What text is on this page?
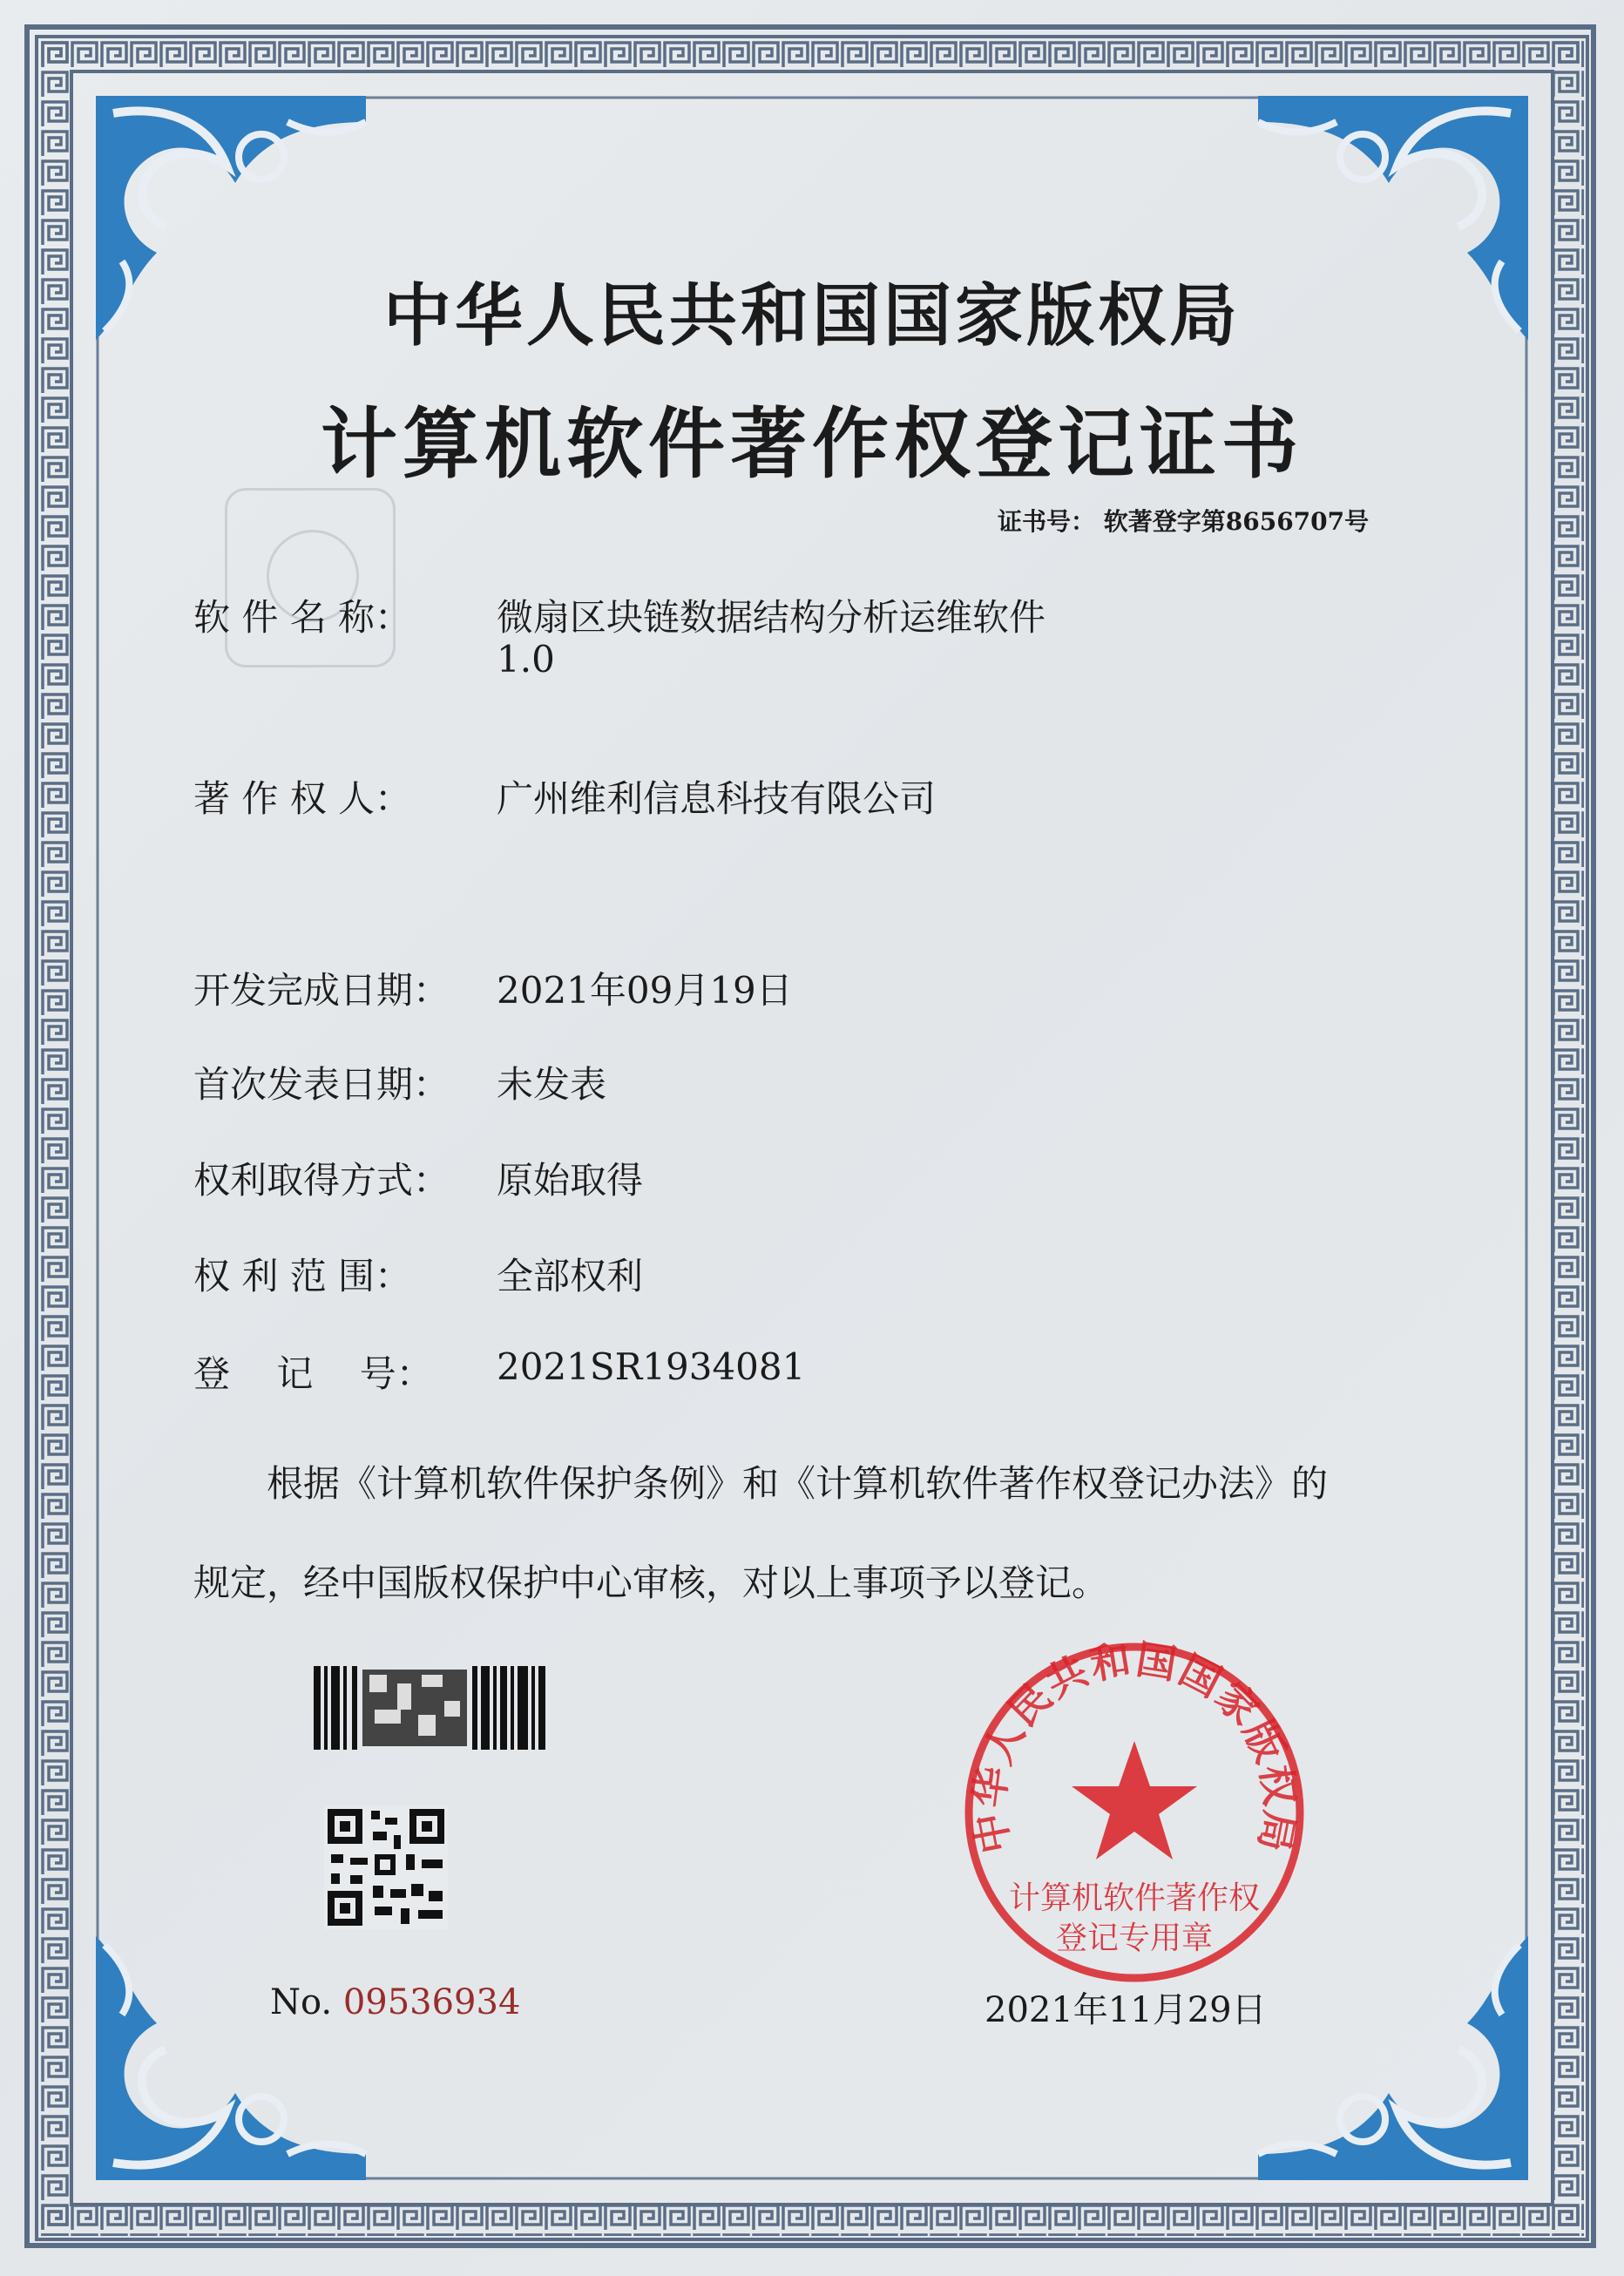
中华人民共和国国家版权局
计算机软件著作权登记证书
证书号： 软著登字第8656707号
软 件 名 称： 微扇区块链数据结构分析运维软件
1.0
著 作 权 人： 广州维利信息科技有限公司
开发完成日期： 2021年09月19日
首次发表日期： 未发表
权利取得方式： 原始取得
权 利 范 围： 全部权利
登    记    号： 2021SR1934081
根据《计算机软件保护条例》和《计算机软件著作权登记办法》的
规定，经中国版权保护中心审核，对以上事项予以登记。
中华人民共和国国家版权局
计算机软件著作权
登记专用章
No. 09536934	2021年11月29日
